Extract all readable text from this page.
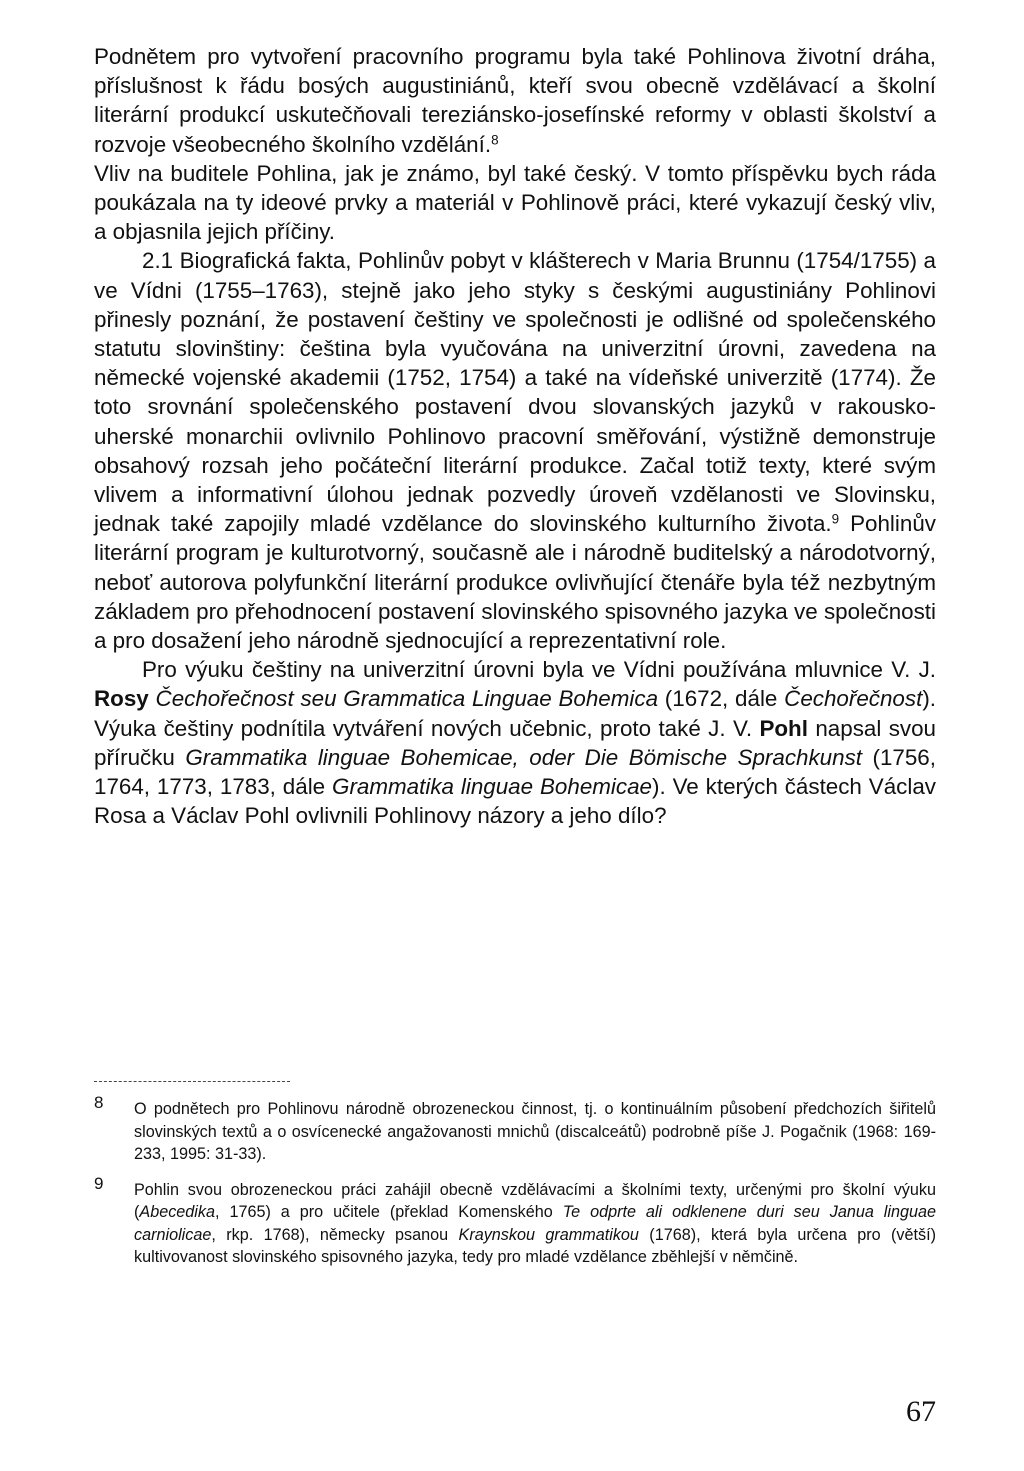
Podnětem pro vytvoření pracovního programu byla také Pohlinova životní dráha, příslušnost k řádu bosých augustiniánů, kteří svou obecně vzdělávací a školní literární produkcí uskutečňovali tereziánsko-josefínské reformy v oblasti školství a rozvoje všeobecného školního vzdělání.$^8$

Vliv na buditele Pohlina, jak je známo, byl také český. V tomto příspěvku bych ráda poukázala na ty ideové prvky a materiál v Pohlinově práci, které vykazují český vliv, a objasnila jejich příčiny.

2.1 Biografická fakta, Pohlinův pobyt v klášterech v Maria Brunnu (1754/1755) a ve Vídni (1755–1763), stejně jako jeho styky s českými augustiniány Pohlinovi přinesly poznání, že postavení češtiny ve společnosti je odlišné od společenského statutu slovinštiny: čeština byla vyučována na univerzitní úrovni, zavedena na německé vojenské akademii (1752, 1754) a také na vídeňské univerzitě (1774). Že toto srovnání společenského postavení dvou slovanských jazyků v rakousko-uherské monarchii ovlivnilo Pohlinovo pracovní směřování, výstižně demonstruje obsahový rozsah jeho počáteční literární produkce. Začal totiž texty, které svým vlivem a informativní úlohou jednak pozvedly úroveň vzdělanosti ve Slovinsku, jednak také zapojily mladé vzdělance do slovinského kulturního života.$^9$ Pohlinův literární program je kulturotvorný, současně ale i národně buditelský a národotvorný, neboť autorova polyfunkční literární produkce ovlivňující čtenáře byla též nezbytným základem pro přehodnocení postavení slovinského spisovného jazyka ve společnosti a pro dosažení jeho národně sjednocující a reprezentativní role.

Pro výuku češtiny na univerzitní úrovni byla ve Vídni používána mluvnice V. J. Rosy Čechořečnost seu Grammatica Linguae Bohemica (1672, dále Čechořečnost). Výuka češtiny podnítila vytváření nových učebnic, proto také J. V. Pohl napsal svou příručku Grammatika linguae Bohemicae, oder Die Bömische Sprachkunst (1756, 1764, 1773, 1783, dále Grammatika linguae Bohemicae). Ve kterých částech Václav Rosa a Václav Pohl ovlivnili Pohlinovy názory a jeho dílo?

8	O podnětech pro Pohlinovu národně obrozeneckou činnost, tj. o kontinuálním působení předchozích šiřitelů slovinských textů a o osvícenecké angažovanosti mnichů (discalceátů) podrobně píše J. Pogačnik (1968: 169-233, 1995: 31-33).
9	Pohlin svou obrozeneckou práci zahájil obecně vzdělávacími a školními texty, určenými pro školní výuku (Abecedika, 1765) a pro učitele (překlad Komenského Te odprte ali odklenene duri seu Janua linguae carniolicae, rkp. 1768), německy psanou Kraynskou grammatikou (1768), která byla určena pro (větší) kultivovanost slovinského spisovného jazyka, tedy pro mladé vzdělance zběhlejší v němčině.
67
